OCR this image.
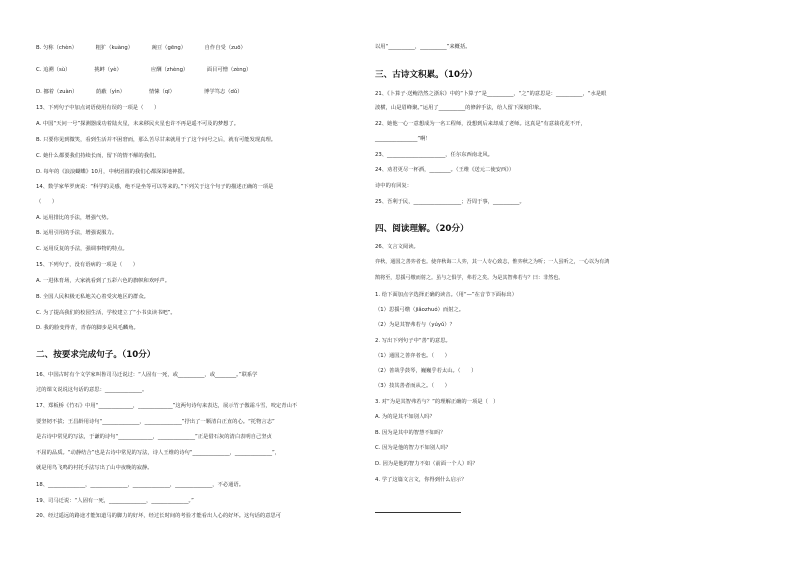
B. 匀称（chèn）　　　　粗犷（kuàng）　　　　豌豆（gēng）　　　　自作自受（zuō）
C. 追溯（sù）　　　　　挑衅（yè）　　　　　　应酬（zhèng）　　　　面目可憎（zèng）
D. 挪着（zuàn）　　　　荫蔽（yìn）　　　　　情愫（qī）　　　　　　博学笃志（dǔ）
13、下列句子中加点词语使用有误的一项是（　　）
A. 中国“天问一号”探测器成功着陆火星，未来移民火星也许不再是遥不可及的梦想了。
B. 只要你见到微笑，看到生活并不困窘而，那么苦尽甘来就用于了这个问号之后，就有可能发现真理。
C. 她什么都要我们持续长而，留下的情不解的我们。
D. 每年的《浪浪蝴蝶》10月，中秋团圆的我们心都深深地神摇。
14、数学家华罗庚说：“科学的灵感，绝不是坐等可以等来的。”下列关于这个句子的描述正确的一项是
（　　）
A. 运用排比的手法，增强气势。
B. 运用引用的手法，增强说服力。
C. 运用反复的手法，强调事物的特点。
15、下列句子，没有语病的一项是（　　）
A. 一进体育场，大家就看到了五彩六色的旗帜和欢呼声。
B. 全国人民积极无私地关心着受灾地区的群众。
C. 为了提高我们的校园生活，学校建立了“小书虫读书吧”。
D. 我的脸变得青，青春的脚步是风毛麟角。
二、按要求完成句子。（10分）
16、中国古时有个文学家叫鲁司马迁说过：“人固有一死，或__________，或________。”联系学
过的课文说说这句话的意思：______________。
17、郑板桥《竹石》中用“_____________，_____________”这两句诗句来表达，展示竹子傲霜斗雪，咬定青山不
要坚韧不拔；王昌龄用诗句“______________，______________”抒出了一颗清白正直的心。“托物言志”
是古诗中常见的写法，于谦的诗句“_____________，______________”正是借石灰的清白表明自己坚贞
不屈的品质。“动静结合”也是古诗中常见的写法，诗人王维的诗句“______________，______________”，
就是用鸟飞鸣的衬托手法写出了山中夜晚的寂静。
18、______________，______________，______________，______________，不必通语。
19、司马迁说：“人固有一死，______________，______________。”
20、经过遥远的路途才能知道马的脚力的好坏，经过长时间的考验才能看出人心的好坏。这句话的意思可
以用“__________，__________”来概括。
三、古诗文积累。（10分）
21、《卜算子·送鲍浩然之浙东》中的“卜算子”是__________，“之”的意思是：__________，“水是眼
波横，山是眉峰聚。”运用了__________的修辞手法，给人留下深刻印象。
22、她他一心一意想成为一名工程师，没想到后来却成了老师。这真是“有意栽花花不开，
________________”啊！
23、______________________，任尔东西南北风。
24、劝君更尽一杯酒，________。（王维《送元二使安西》）
诗中的有回复：
25、吾利于民，__________________；吾周于事，__________。
四、阅读理解。（20分）
26、文言文阅读。
弈秋，通国之善弈者也。使弈秋诲二人弈，其一人专心致志，惟弈秋之为听；一人虽听之，一心以为有鸿
鹄将至，思援弓缴而射之。虽与之俱学，弗若之矣。为是其智弗若与？曰：非然也。
1. 给下面加点字选择正确的读音。（用“—”在音节下面标出）
（1）思援弓缴（jiǎozhuó）而射之。
（2）为是其智弗若与（yúyǔ）？
2. 写出下列句子中“善”的意思。
（1）通国之善弈者也。（　　）
（2）善哉乎鼓琴，巍巍乎若太山。（　　）
（3）技其善者而从之。（　　）
3. 对“为是其智弗若与？”的理解正确的一项是（　）
A. 为的是其不如别人吗？
B. 因为是其中的智慧不如吗？
C. 因为是他的智力不如别人吗？
D. 因为是他的智力不如（前面一个人）吗？
4. 学了这篇文言文，你得到什么启示？
